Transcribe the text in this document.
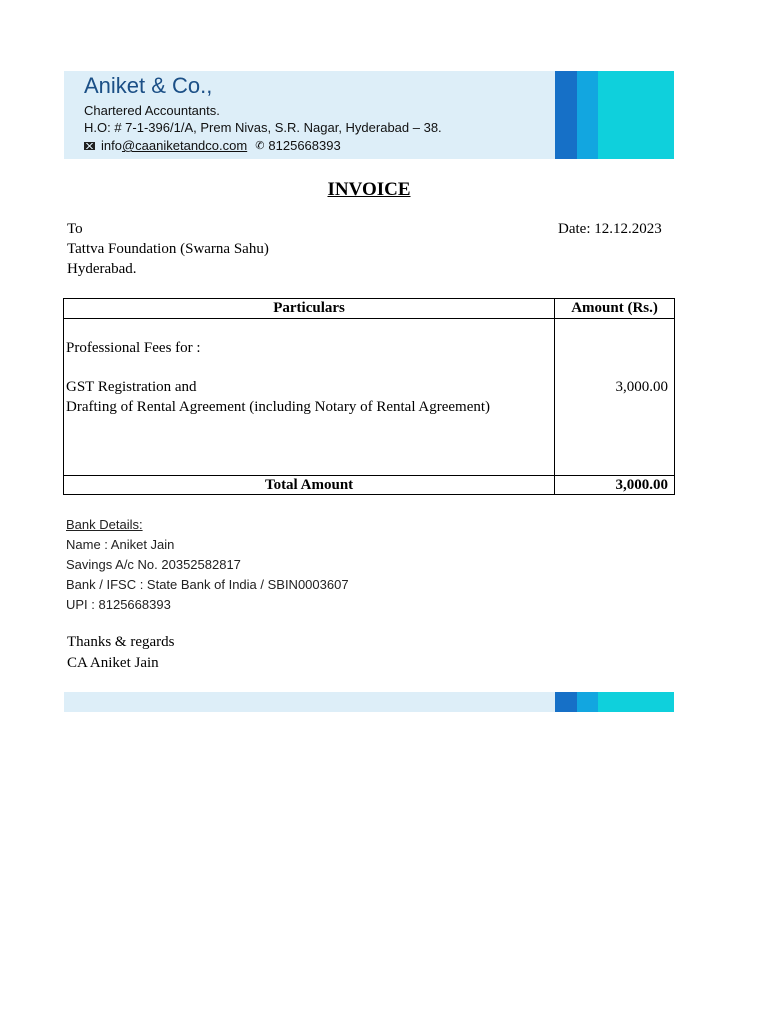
Aniket & Co.,
Chartered Accountants.
H.O: # 7-1-396/1/A, Prem Nivas, S.R. Nagar, Hyderabad – 38.
info@caaniketandco.com ✆ 8125668393
INVOICE
To	Date: 12.12.2023
Tattva Foundation (Swarna Sahu)
Hyderabad.
Particulars	Amount (Rs.)

Professional Fees for :
GST Registration and
Drafting of Rental Agreement (including Notary of Rental Agreement)	3,000.00

Total Amount	3,000.00
Bank Details:
Name : Aniket Jain
Savings A/c No. 20352582817
Bank / IFSC : State Bank of India / SBIN0003607
UPI : 8125668393
Thanks & regards
CA Aniket Jain
